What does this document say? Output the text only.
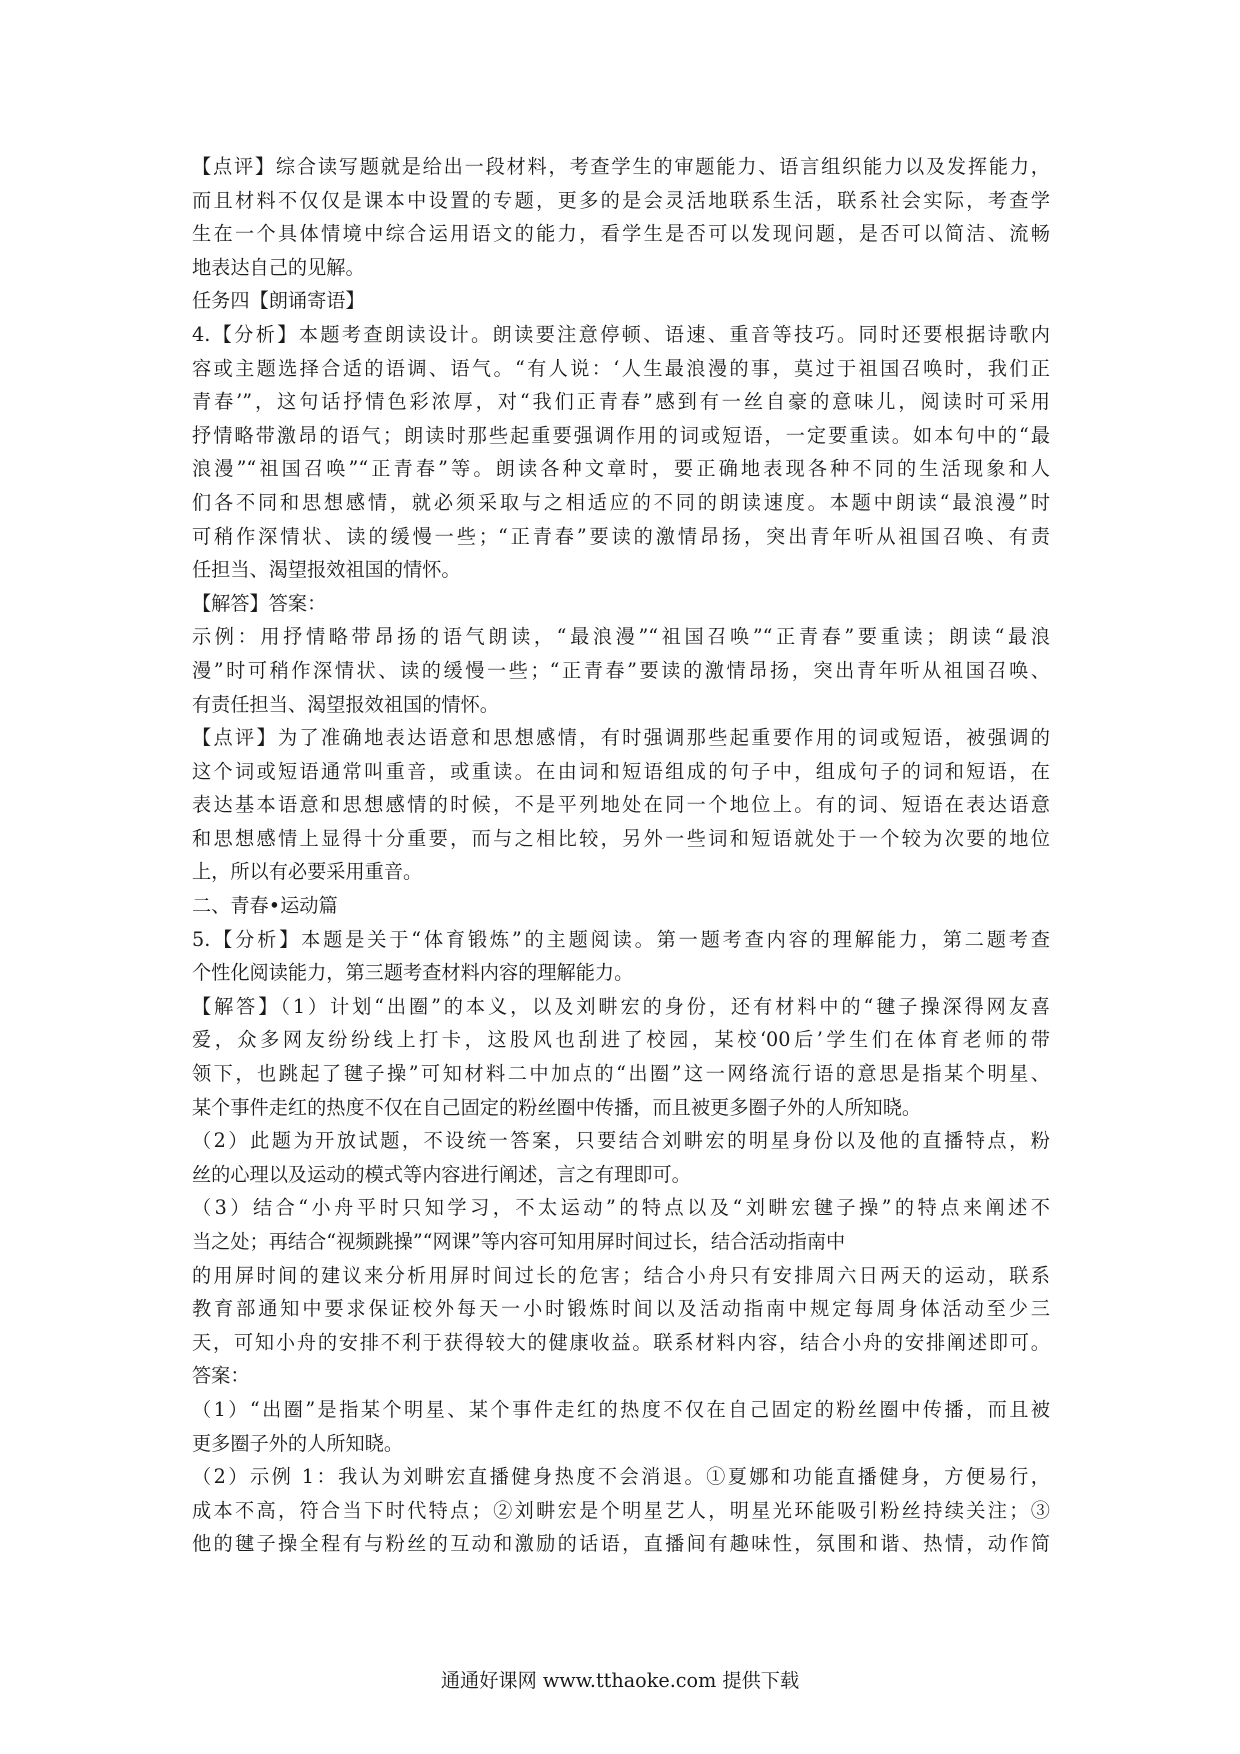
【点评】综合读写题就是给出一段材料，考查学生的审题能力、语言组织能力以及发挥能力，
而且材料不仅仅是课本中设置的专题，更多的是会灵活地联系生活，联系社会实际，考查学
生在一个具体情境中综合运用语文的能力，看学生是否可以发现问题，是否可以简洁、流畅
地表达自己的见解。
任务四【朗诵寄语】
4.【分析】本题考查朗读设计。朗读要注意停顿、语速、重音等技巧。同时还要根据诗歌内
容或主题选择合适的语调、语气。“有人说：‘人生最浪漫的事，莫过于祖国召唤时，我们正
青春’”，这句话抒情色彩浓厚，对“我们正青春”感到有一丝自豪的意味儿，阅读时可采用
抒情略带激昂的语气；朗读时那些起重要强调作用的词或短语，一定要重读。如本句中的“最
浪漫”“祖国召唤”“正青春”等。朗读各种文章时，要正确地表现各种不同的生活现象和人
们各不同和思想感情，就必须采取与之相适应的不同的朗读速度。本题中朗读“最浪漫”时
可稍作深情状、读的缓慢一些；“正青春”要读的激情昂扬，突出青年听从祖国召唤、有责
任担当、渴望报效祖国的情怀。
【解答】答案：
示例：用抒情略带昂扬的语气朗读，“最浪漫”“祖国召唤”“正青春”要重读；朗读“最浪
漫”时可稍作深情状、读的缓慢一些；“正青春”要读的激情昂扬，突出青年听从祖国召唤、
有责任担当、渴望报效祖国的情怀。
【点评】为了准确地表达语意和思想感情，有时强调那些起重要作用的词或短语，被强调的
这个词或短语通常叫重音，或重读。在由词和短语组成的句子中，组成句子的词和短语，在
表达基本语意和思想感情的时候，不是平列地处在同一个地位上。有的词、短语在表达语意
和思想感情上显得十分重要，而与之相比较，另外一些词和短语就处于一个较为次要的地位
上，所以有必要采用重音。
二、青春•运动篇
5.【分析】本题是关于“体育锻炼”的主题阅读。第一题考查内容的理解能力，第二题考查
个性化阅读能力，第三题考查材料内容的理解能力。
【解答】（1）计划“出圈”的本义，以及刘畊宏的身份，还有材料中的“毽子操深得网友喜
爱，众多网友纷纷线上打卡，这股风也刮进了校园，某校‘00后’学生们在体育老师的带
领下，也跳起了毽子操”可知材料二中加点的“出圈”这一网络流行语的意思是指某个明星、
某个事件走红的热度不仅在自己固定的粉丝圈中传播，而且被更多圈子外的人所知晓。
（2）此题为开放试题，不设统一答案，只要结合刘畊宏的明星身份以及他的直播特点，粉
丝的心理以及运动的模式等内容进行阐述，言之有理即可。
（3）结合“小舟平时只知学习，不太运动”的特点以及“刘畊宏毽子操”的特点来阐述不
当之处；再结合“视频跳操”“网课”等内容可知用屏时间过长，结合活动指南中
的用屏时间的建议来分析用屏时间过长的危害；结合小舟只有安排周六日两天的运动，联系
教育部通知中要求保证校外每天一小时锻炼时间以及活动指南中规定每周身体活动至少三
天，可知小舟的安排不利于获得较大的健康收益。联系材料内容，结合小舟的安排阐述即可。
答案：
（1）“出圈”是指某个明星、某个事件走红的热度不仅在自己固定的粉丝圈中传播，而且被
更多圈子外的人所知晓。
（2）示例 1：我认为刘畊宏直播健身热度不会消退。①夏娜和功能直播健身，方便易行，
成本不高，符合当下时代特点；②刘畊宏是个明星艺人，明星光环能吸引粉丝持续关注；③
他的毽子操全程有与粉丝的互动和激励的话语，直播间有趣味性，氛围和谐、热情，动作简
通通好课网 www.tthaoke.com 提供下载
